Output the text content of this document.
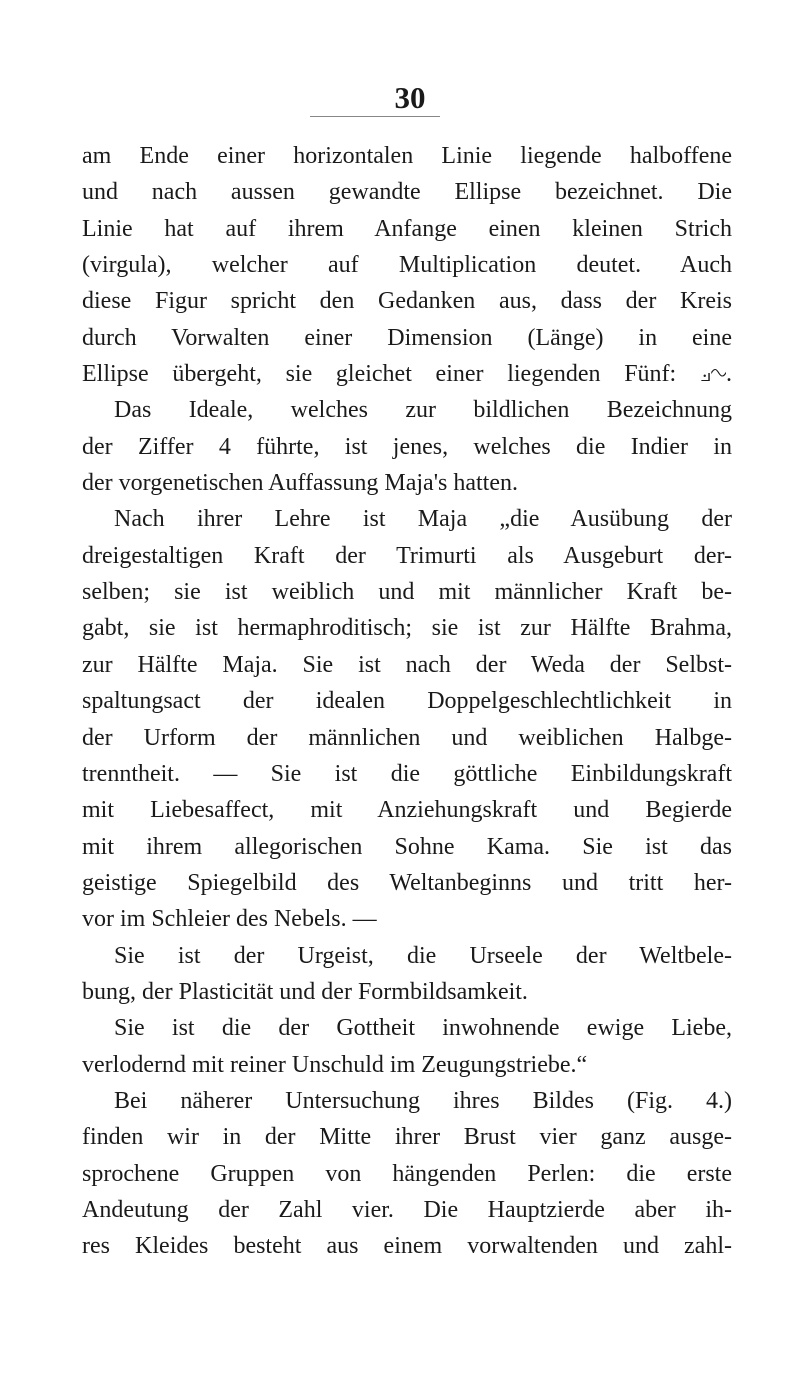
30
am Ende einer horizontalen Linie liegende halboffene
und nach aussen gewandte Ellipse bezeichnet. Die
Linie hat auf ihrem Anfange einen kleinen Strich
(virgula), welcher auf Multiplication deutet. Auch
diese Figur spricht den Gedanken aus, dass der Kreis
durch Vorwalten einer Dimension (Länge) in eine
Ellipse übergeht, sie gleichet einer liegenden Fünf: ⟓∿.
Das Ideale, welches zur bildlichen Bezeichnung
der Ziffer 4 führte, ist jenes, welches die Indier in
der vorgenetischen Auffassung Maja's hatten.
Nach ihrer Lehre ist Maja „die Ausübung der
dreigestaltigen Kraft der Trimurti als Ausgeburt der-
selben; sie ist weiblich und mit männlicher Kraft be-
gabt, sie ist hermaphroditisch; sie ist zur Hälfte Brahma,
zur Hälfte Maja. Sie ist nach der Weda der Selbst-
spaltungsact der idealen Doppelgeschlechtlichkeit in
der Urform der männlichen und weiblichen Halbge-
trenntheit. — Sie ist die göttliche Einbildungskraft
mit Liebesaffect, mit Anziehungskraft und Begierde
mit ihrem allegorischen Sohne Kama. Sie ist das
geistige Spiegelbild des Weltanbeginns und tritt her-
vor im Schleier des Nebels. —
Sie ist der Urgeist, die Urseele der Weltbele-
bung, der Plasticität und der Formbildsamkeit.
Sie ist die der Gottheit inwohnende ewige Liebe,
verlodernd mit reiner Unschuld im Zeugungstriebe.“
Bei näherer Untersuchung ihres Bildes (Fig. 4.)
finden wir in der Mitte ihrer Brust vier ganz ausge-
sprochene Gruppen von hängenden Perlen: die erste
Andeutung der Zahl vier. Die Hauptzierde aber ih-
res Kleides besteht aus einem vorwaltenden und zahl-
